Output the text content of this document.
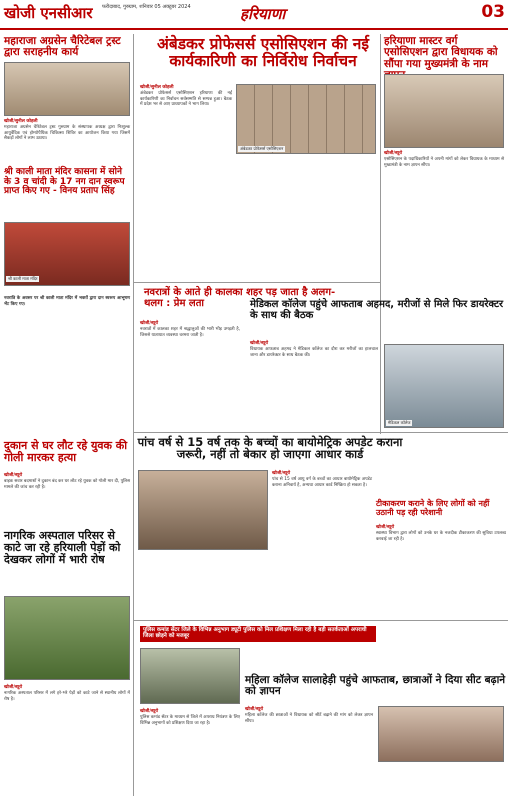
खोजी एनसीआर फरीदाबाद, गुरुग्राम, शनिवार 05 अक्टूबर 2024	हरियाणा	03
महाराजा अग्रसेन चैरिटेबल ट्रस्ट द्वारा सराहनीय कार्य
खोजी/सुनील कोहली
महाराजा अग्रसेन चैरिटेबल ट्रस्ट गुरुग्राम के संस्थापक अध्यक्ष द्वारा निःशुल्क आयुर्वेदिक एवं होम्योपैथिक चिकित्सा शिविर का आयोजन किया गया जिसमें सैकड़ों लोगों ने लाभ उठाया।
श्री काली माता मंदिर कासना में सोने के 3 व चांदी के 17 नग दान स्वरूप प्राप्त किए गए - विनय प्रताप सिंह
श्री काली माता मंदिर
नवरात्रि के अवसर पर श्री काली माता मंदिर में भक्तों द्वारा दान स्वरूप आभूषण भेंट किए गए।
दुकान से घर लौट रहे युवक की गोली मारकर हत्या
खोजी/ब्यूरो
बाइक सवार बदमाशों ने दुकान बंद कर घर लौट रहे युवक को गोली मार दी, पुलिस मामले की जांच कर रही है।
नागरिक अस्पताल परिसर से काटे जा रहे हरियाली पेड़ों को देखकर लोगों में भारी रोष
खोजी/ब्यूरो
नागरिक अस्पताल परिसर में लगे हरे-भरे पेड़ों को काटे जाने से स्थानीय लोगों में रोष है।
अंबेडकर प्रोफेसर्स एसोसिएशन की नई कार्यकारिणी का निर्विरोध निर्वाचन
खोजी/सुनील कोहली
अंबेडकर प्रोफेसर्स एसोसिएशन हरियाणा की नई कार्यकारिणी का निर्वाचन सर्वसम्मति से सम्पन्न हुआ। बैठक में प्रदेश भर से आए प्राध्यापकों ने भाग लिया।
अंबेडकर प्रोफेसर्स एसोसिएशन
हरियाणा मास्टर वर्ग एसोसिएशन द्वारा विधायक को सौंपा गया मुख्यमंत्री के नाम
खोजी/ब्यूरो
एसोसिएशन के पदाधिकारियों ने अपनी मांगों को लेकर विधायक के माध्यम से मुख्यमंत्री के नाम ज्ञापन सौंपा।
नवरात्रों के आते ही कालका शहर पड़ जाता है अलग-थलग : प्रेम लता
खोजी/ब्यूरो
नवरात्रों में कालका शहर में श्रद्धालुओं की भारी भीड़ उमड़ती है, जिससे यातायात व्यवस्था चरमरा जाती है।
मेडिकल कॉलेज पहुंचे आफताब अहमद, मरीजों से मिले फिर डायरेक्टर के साथ की बैठक
मेडिकल कॉलेज
खोजी/ब्यूरो
विधायक आफताब अहमद ने मेडिकल कॉलेज का दौरा कर मरीजों का हालचाल जाना और डायरेक्टर के साथ बैठक की।
पांच वर्ष से 15 वर्ष तक के बच्चों का बायोमेट्रिक अपडेट कराना जरूरी, नहीं तो बेकार हो जाएगा आधार कार्ड
खोजी/ब्यूरो
पांच से 15 वर्ष आयु वर्ग के बच्चों का आधार बायोमेट्रिक अपडेट कराना अनिवार्य है, अन्यथा आधार कार्ड निष्क्रिय हो सकता है।
टीकाकरण कराने के लिए लोगों को नहीं उठानी पड़ रही परेशानी
खोजी/ब्यूरो
स्वास्थ्य विभाग द्वारा लोगों को उनके घर के नजदीक टीकाकरण की सुविधा उपलब्ध करवाई जा रही है।
पुलिस कमांड सेंटर जिले के विभिन्न अनुभाग ड्यूटी पुलिस को मिल प्रशिक्षण मिला रही है बड़ी सतर्कताओं अपराधी जिला छोड़ने को मजबूर
खोजी/ब्यूरो
पुलिस कमांड सेंटर के माध्यम से जिले में अपराध नियंत्रण के लिए विभिन्न अनुभागों को प्रशिक्षण दिया जा रहा है।
महिला कॉलेज सालाहेड़ी पहुंचे आफताब, छात्राओं ने दिया सीट बढ़ाने को ज्ञापन
खोजी/ब्यूरो
महिला कॉलेज की छात्राओं ने विधायक को सीटें बढ़ाने की मांग को लेकर ज्ञापन सौंपा।
